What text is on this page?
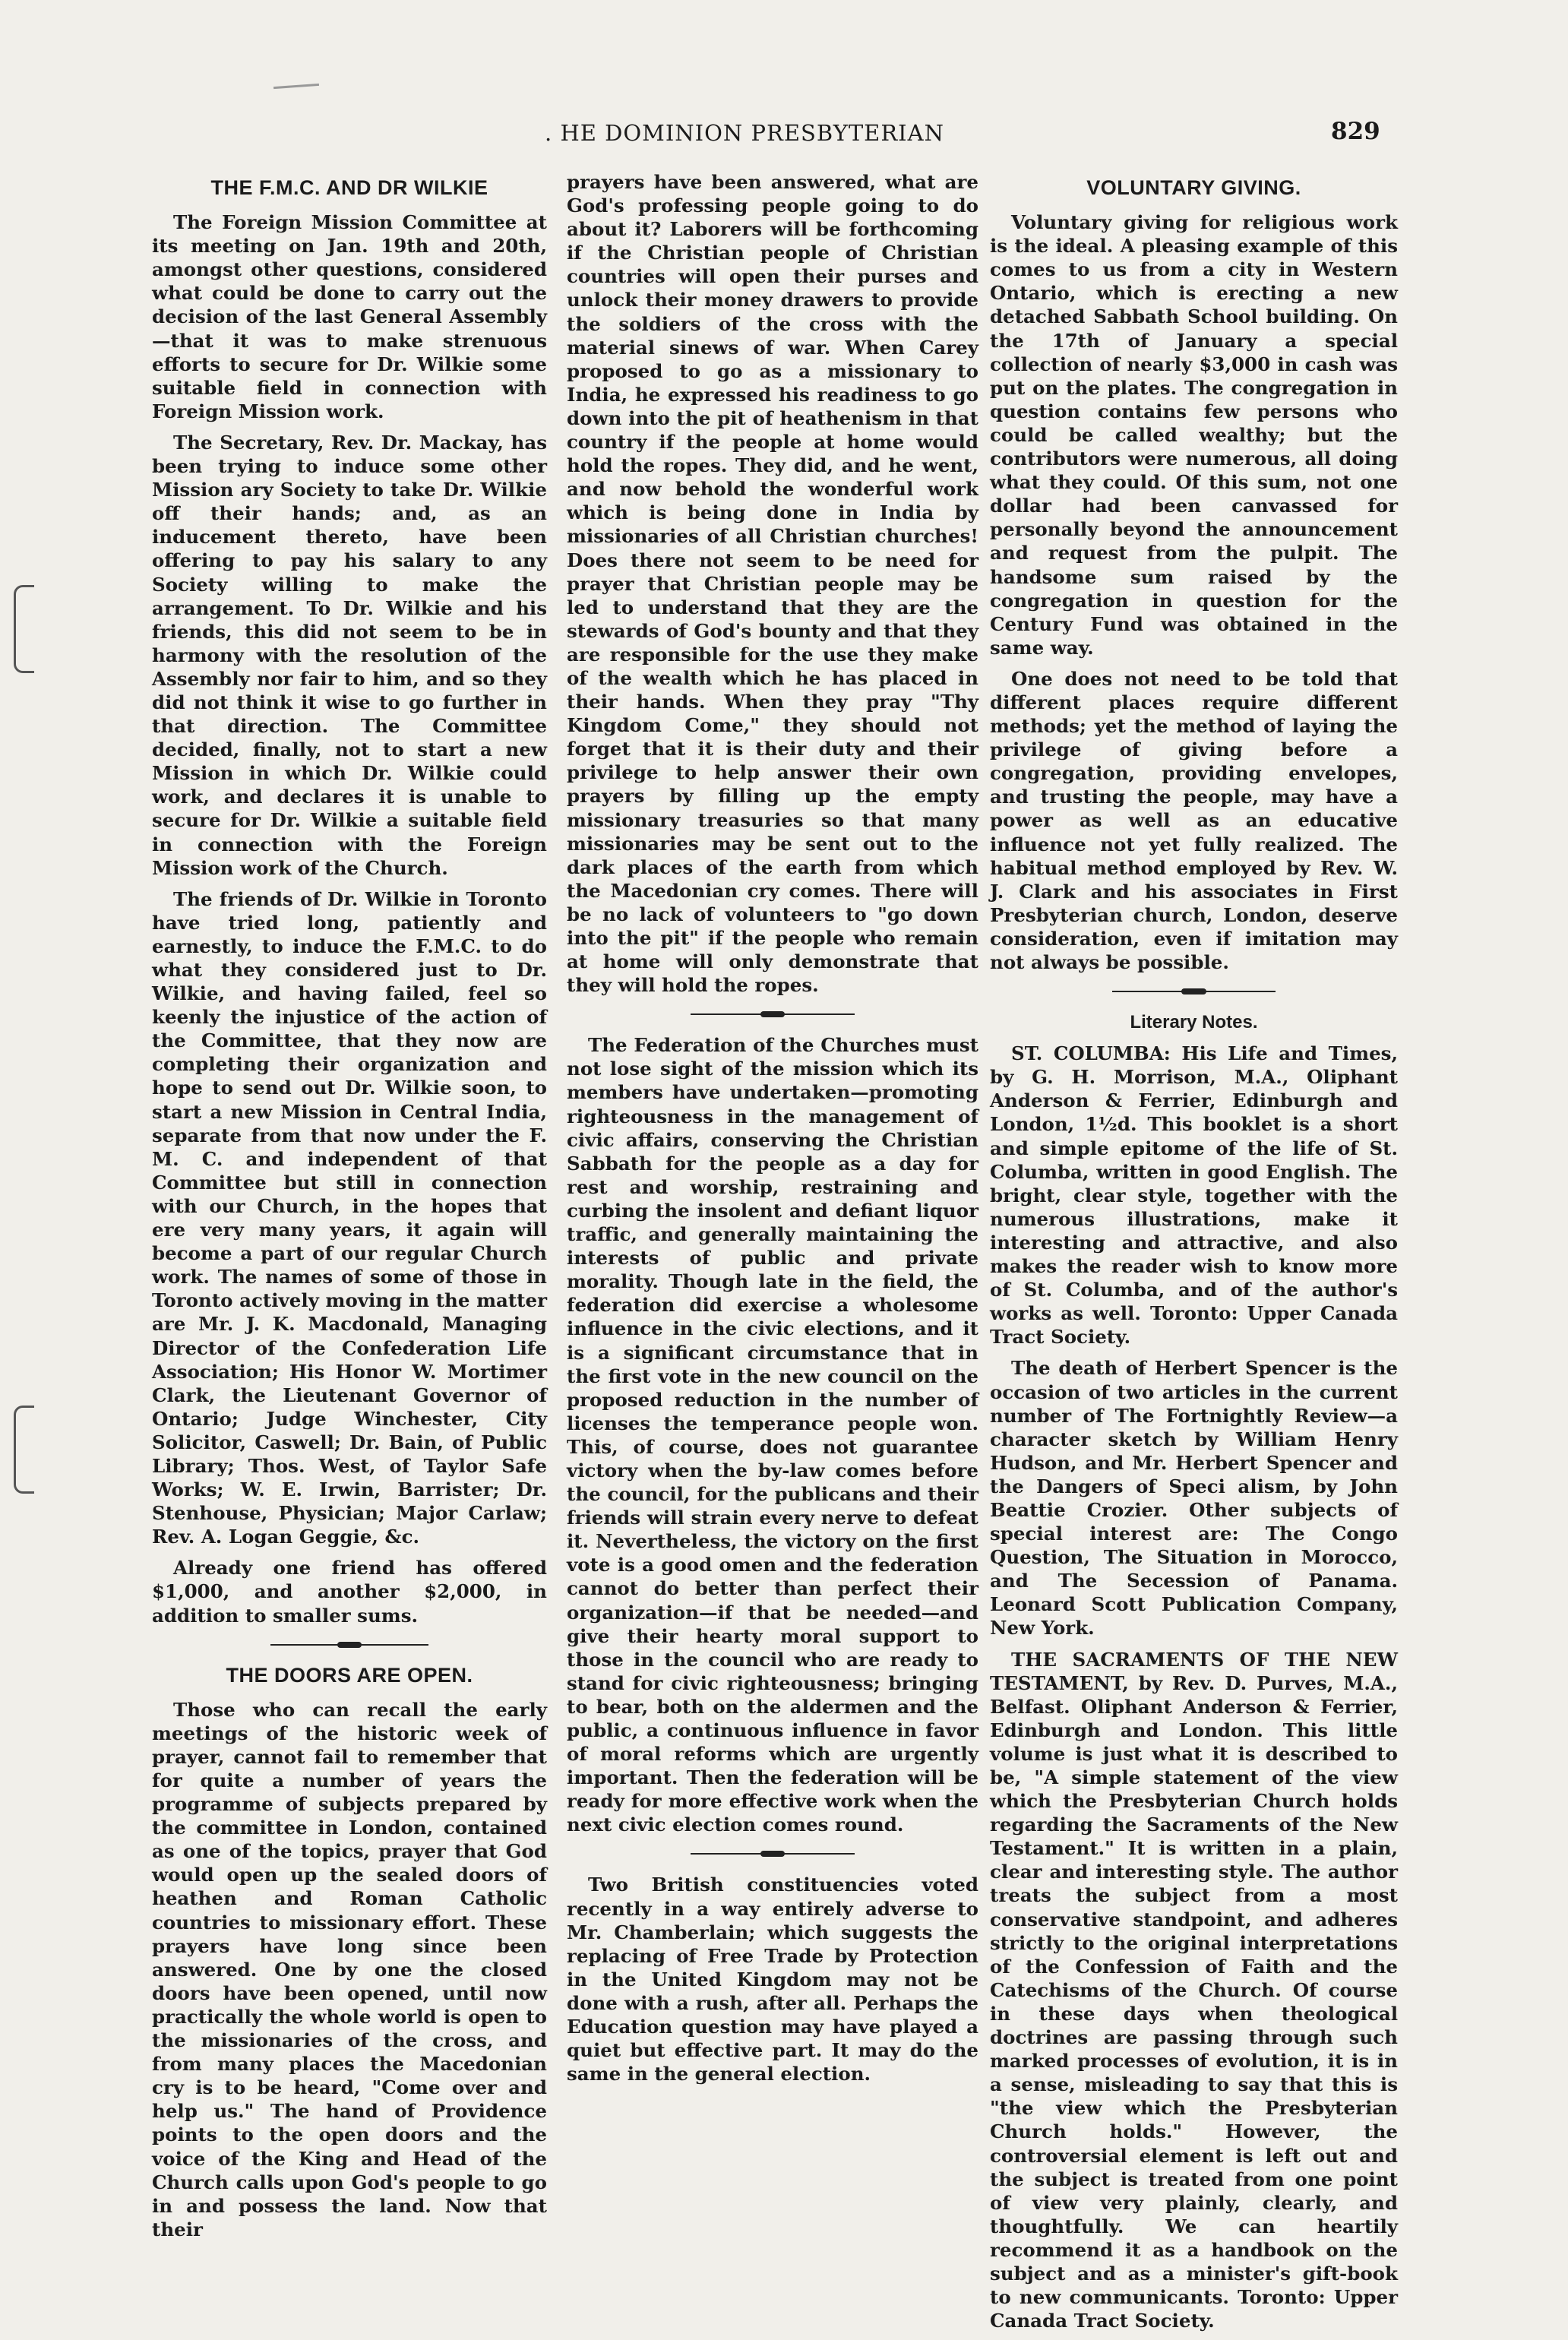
. HE DOMINION PRESBYTERIAN	829
THE F.M.C. AND DR WILKIE

The Foreign Mission Committee at its meeting on Jan. 19th and 20th, amongst other questions, considered what could be done to carry out the decision of the last General Assembly—that it was to make strenuous efforts to secure for Dr. Wilkie some suitable field in connection with Foreign Mission work.

The Secretary, Rev. Dr. Mackay, has been trying to induce some other Mission ary Society to take Dr. Wilkie off their hands; and, as an inducement thereto, have been offering to pay his salary to any Society willing to make the arrangement. To Dr. Wilkie and his friends, this did not seem to be in harmony with the resolution of the Assembly nor fair to him, and so they did not think it wise to go further in that direction. The Committee decided, finally, not to start a new Mission in which Dr. Wilkie could work, and declares it is unable to secure for Dr. Wilkie a suitable field in connection with the Foreign Mission work of the Church.

The friends of Dr. Wilkie in Toronto have tried long, patiently and earnestly, to induce the F.M.C. to do what they considered just to Dr. Wilkie, and having failed, feel so keenly the injustice of the action of the Committee, that they now are completing their organization and hope to send out Dr. Wilkie soon, to start a new Mission in Central India, separate from that now under the F. M. C. and independent of that Committee but still in connection with our Church, in the hopes that ere very many years, it again will become a part of our regular Church work. The names of some of those in Toronto actively moving in the matter are Mr. J. K. Macdonald, Managing Director of the Confederation Life Association; His Honor W. Mortimer Clark, the Lieutenant Governor of Ontario; Judge Winchester, City Solicitor, Caswell; Dr. Bain, of Public Library; Thos. West, of Taylor Safe Works; W. E. Irwin, Barrister; Dr. Stenhouse, Physician; Major Carlaw; Rev. A. Logan Geggie, &c.

Already one friend has offered $1,000, and another $2,000, in addition to smaller sums.

THE DOORS ARE OPEN.

Those who can recall the early meetings of the historic week of prayer, cannot fail to remember that for quite a number of years the programme of subjects prepared by the committee in London, contained as one of the topics, prayer that God would open up the sealed doors of heathen and Roman Catholic countries to missionary effort. These prayers have long since been answered. One by one the closed doors have been opened, until now practically the whole world is open to the missionaries of the cross, and from many places the Macedonian cry is to be heard, "Come over and help us." The hand of Providence points to the open doors and the voice of the King and Head of the Church calls upon God's people to go in and possess the land. Now that their

prayers have been answered, what are God's professing people going to do about it? Laborers will be forthcoming if the Christian people of Christian countries will open their purses and unlock their money drawers to provide the soldiers of the cross with the material sinews of war. When Carey proposed to go as a missionary to India, he expressed his readiness to go down into the pit of heathenism in that country if the people at home would hold the ropes. They did, and he went, and now behold the wonderful work which is being done in India by missionaries of all Christian churches! Does there not seem to be need for prayer that Christian people may be led to understand that they are the stewards of God's bounty and that they are responsible for the use they make of the wealth which he has placed in their hands. When they pray "Thy Kingdom Come," they should not forget that it is their duty and their privilege to help answer their own prayers by filling up the empty missionary treasuries so that many missionaries may be sent out to the dark places of the earth from which the Macedonian cry comes. There will be no lack of volunteers to "go down into the pit" if the people who remain at home will only demonstrate that they will hold the ropes.

The Federation of the Churches must not lose sight of the mission which its members have undertaken—promoting righteousness in the management of civic affairs, conserving the Christian Sabbath for the people as a day for rest and worship, restraining and curbing the insolent and defiant liquor traffic, and generally maintaining the interests of public and private morality. Though late in the field, the federation did exercise a wholesome influence in the civic elections, and it is a significant circumstance that in the first vote in the new council on the proposed reduction in the number of licenses the temperance people won. This, of course, does not guarantee victory when the by-law comes before the council, for the publicans and their friends will strain every nerve to defeat it. Nevertheless, the victory on the first vote is a good omen and the federation cannot do better than perfect their organization—if that be needed—and give their hearty moral support to those in the council who are ready to stand for civic righteousness; bringing to bear, both on the aldermen and the public, a continuous influence in favor of moral reforms which are urgently important. Then the federation will be ready for more effective work when the next civic election comes round.

Two British constituencies voted recently in a way entirely adverse to Mr. Chamberlain; which suggests the replacing of Free Trade by Protection in the United Kingdom may not be done with a rush, after all. Perhaps the Education question may have played a quiet but effective part. It may do the same in the general election.

VOLUNTARY GIVING.

Voluntary giving for religious work is the ideal. A pleasing example of this comes to us from a city in Western Ontario, which is erecting a new detached Sabbath School building. On the 17th of January a special collection of nearly $3,000 in cash was put on the plates. The congregation in question contains few persons who could be called wealthy; but the contributors were numerous, all doing what they could. Of this sum, not one dollar had been canvassed for personally beyond the announcement and request from the pulpit. The handsome sum raised by the congregation in question for the Century Fund was obtained in the same way.

One does not need to be told that different places require different methods; yet the method of laying the privilege of giving before a congregation, providing envelopes, and trusting the people, may have a power as well as an educative influence not yet fully realized. The habitual method employed by Rev. W. J. Clark and his associates in First Presbyterian church, London, deserve consideration, even if imitation may not always be possible.

Literary Notes.

ST. COLUMBA: His Life and Times, by G. H. Morrison, M.A., Oliphant Anderson & Ferrier, Edinburgh and London, 1½d. This booklet is a short and simple epitome of the life of St. Columba, written in good English. The bright, clear style, together with the numerous illustrations, make it interesting and attractive, and also makes the reader wish to know more of St. Columba, and of the author's works as well. Toronto: Upper Canada Tract Society.

The death of Herbert Spencer is the occasion of two articles in the current number of The Fortnightly Review—a character sketch by William Henry Hudson, and Mr. Herbert Spencer and the Dangers of Speci alism, by John Beattie Crozier. Other subjects of special interest are: The Congo Question, The Situation in Morocco, and The Secession of Panama. Leonard Scott Publication Company, New York.

THE SACRAMENTS OF THE NEW TESTAMENT, by Rev. D. Purves, M.A., Belfast. Oliphant Anderson & Ferrier, Edinburgh and London. This little volume is just what it is described to be, "A simple statement of the view which the Presbyterian Church holds regarding the Sacraments of the New Testament." It is written in a plain, clear and interesting style. The author treats the subject from a most conservative standpoint, and adheres strictly to the original interpretations of the Confession of Faith and the Catechisms of the Church. Of course in these days when theological doctrines are passing through such marked processes of evolution, it is in a sense, misleading to say that this is "the view which the Presbyterian Church holds." However, the controversial element is left out and the subject is treated from one point of view very plainly, clearly, and thoughtfully. We can heartily recommend it as a handbook on the subject and as a minister's gift-book to new communicants. Toronto: Upper Canada Tract Society.
